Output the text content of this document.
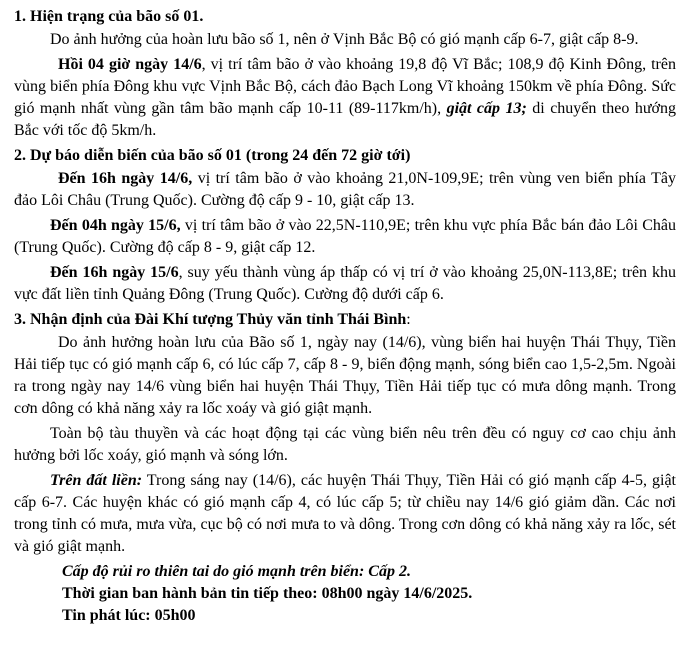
1. Hiện trạng của bão số 01.

Do ảnh hưởng của hoàn lưu bão số 1, nên ở Vịnh Bắc Bộ có gió mạnh cấp 6-7, giật cấp 8-9.

Hồi 04 giờ ngày 14/6, vị trí tâm bão ở vào khoảng 19,8 độ Vĩ Bắc; 108,9 độ Kinh Đông, trên vùng biển phía Đông khu vực Vịnh Bắc Bộ, cách đảo Bạch Long Vĩ khoảng 150km về phía Đông. Sức gió mạnh nhất vùng gần tâm bão mạnh cấp 10-11 (89-117km/h), giật cấp 13; di chuyển theo hướng Bắc với tốc độ 5km/h.

2. Dự báo diễn biến của bão số 01 (trong 24 đến 72 giờ tới)

Đến 16h ngày 14/6, vị trí tâm bão ở vào khoảng 21,0N-109,9E; trên vùng ven biển phía Tây đảo Lôi Châu (Trung Quốc). Cường độ cấp 9 - 10, giật cấp 13.

Đến 04h ngày 15/6, vị trí tâm bão ở vào 22,5N-110,9E; trên khu vực phía Bắc bán đảo Lôi Châu (Trung Quốc). Cường độ cấp 8 - 9, giật cấp 12.

Đến 16h ngày 15/6, suy yếu thành vùng áp thấp có vị trí ở vào khoảng 25,0N-113,8E; trên khu vực đất liền tỉnh Quảng Đông (Trung Quốc). Cường độ dưới cấp 6.

3. Nhận định của Đài Khí tượng Thủy văn tỉnh Thái Bình:

Do ảnh hưởng hoàn lưu của Bão số 1, ngày nay (14/6), vùng biển hai huyện Thái Thụy, Tiền Hải tiếp tục có gió mạnh cấp 6, có lúc cấp 7, cấp 8 - 9, biển động mạnh, sóng biển cao 1,5-2,5m. Ngoài ra trong ngày nay 14/6 vùng biển hai huyện Thái Thụy, Tiền Hải tiếp tục có mưa dông mạnh. Trong cơn dông có khả năng xảy ra lốc xoáy và gió giật mạnh.

Toàn bộ tàu thuyền và các hoạt động tại các vùng biển nêu trên đều có nguy cơ cao chịu ảnh hưởng bởi lốc xoáy, gió mạnh và sóng lớn.

Trên đất liền: Trong sáng nay (14/6), các huyện Thái Thụy, Tiền Hải có gió mạnh cấp 4-5, giật cấp 6-7. Các huyện khác có gió mạnh cấp 4, có lúc cấp 5; từ chiều nay 14/6 gió giảm dần. Các nơi trong tỉnh có mưa, mưa vừa, cục bộ có nơi mưa to và dông. Trong cơn dông có khả năng xảy ra lốc, sét và gió giật mạnh.

Cấp độ rủi ro thiên tai do gió mạnh trên biển: Cấp 2.
Thời gian ban hành bản tin tiếp theo: 08h00 ngày 14/6/2025.
Tin phát lúc: 05h00
